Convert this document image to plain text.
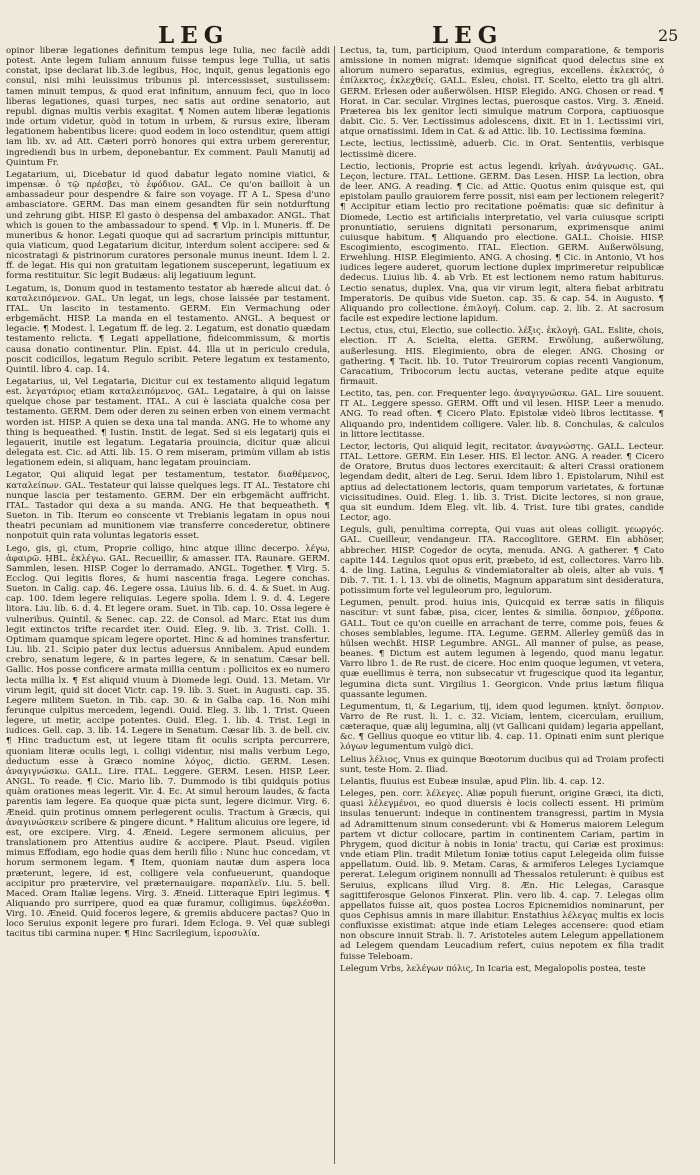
LEG	LEG	25

opinor liberæ legationes definitum tempus lege Iulia, nec facilè addi potest. Ante legem Iuliam annuum fuisse tempus lege Tullia, ut satis constat, ipse declarat lib.3.de legibus, Hoc, inquit, genus legationis ego consul, nisi mihi leuissimus tribunus pl. intercessisset, sustulissem: tamen minuit tempus, & quod erat infinitum, annuum feci, quo in loco liberas legationes, quasi turpes, nec satis aut ordine senatorio, aut republ. dignas multis verbis exagitat. ¶ Nomen autem liberæ legationis inde ortum videtur, quòd in totum in urbem, & rursus exire, liberam legationem habentibus licere: quod eodem in loco ostenditur, quem attigi iam lib. xv. ad Att. Cæteri porrò honores qui extra urbem gererentur, ingrediendi bus in urbem, deponebantur. Ex comment. Pauli Manutij ad Quintum Fr.

Legatarium, ui, Dicebatur id quod dabatur legato nomine viatici, & impensæ. ὁ τῷ πρέσβει, τὸ ἐφόδιον. GAL. Ce qu'on bailloit à un ambassadeur pour despendre & faire son voyage. IT A L. Spesa d'uno ambasciatore. GERM. Das man einem gesandten für sein notdurftung und zehrung gibt. HISP. El gasto ò despensa del ambaxador. ANGL. That which is gouen to the ambassadour to spend. ¶ Vlp. in l. Muneris. ff. De muneribus & honor. Legati quoque qui ad sacrarium principis mittuntur, quia viaticum, quod Legatarium dicitur, interdum solent accipere: sed & nicostratagi & pistrinorum curatores personale munus ineunt. Idem l. 2. ff. de legat. His qui non gratuitam legationem susceperunt, legatiuum ex forma restituitur. Sic legit Budæus: alij legatiuum legunt.

Legatum, is, Donum quod in testamento testator ab hærede alicui dat. ὁ καταλειπόμενον. GAL. Un legat, un legs, chose laissée par testament. ITAL. Un lascito in testamento. GERM. Ein Vermachung oder erbgemächt. HISP. La manda en el testamento. ANGL. A bequest or legacie. ¶ Modest. l. Legatum ff. de leg. 2. Legatum, est donatio quædam testamento relicta. ¶ Legati appellatione, fideicommissum, & mortis causa donatio continentur. Plin. Epist. 44. Illa ut in periculo credula, poscit codicillos, legatum Regulo scribit. Petere legatum ex testamento, Quintil. libro 4. cap. 14.

Legatarius, ui, Vel Legataria, Dicitur cui ex testamento aliquid legatum est. λεγατάριος etiam καταλειπόμενος. GAL. Legataire, à qui on laisse quelque chose par testament. ITAL. A cui è lasciata qualche cosa per testamento. GERM. Dem oder deren zu seinen erben von einem vermacht worden ist. HISP. A quien se dexa una tal manda. ANG. He to whome any thing is bequeathed. ¶ Iustin. Instit. de legat. Sed si eis legatarij quis ei legauerit, inutile est legatum. Legataria prouincia, dicitur quæ alicui delegata est. Cic. ad Atti. lib. 15. O rem miseram, primùm villam ab istis legationem edein, si aliquam, hanc legatam prouinciam.

Legator, Qui aliquid legat per testamentum, testator. διαθέμενος, καταλείπων. GAL. Testateur qui laisse quelques legs. IT AL. Testatore chi nunque lascia per testamento. GERM. Der ein erbgemächt auffricht. ITAL. Tastador qui dexa a su manda. ANG. He that bequeatheth. ¶ Sueton. in Tib. Iterum eo conscente vt Trebianis legatam in opus noui theatri pecuniam ad munitionem viæ transferre concederetur, obtinere nonpotuit quin rata voluntas legatoris esset.

Lego, gis, gi, ctum, Proprie colligo, hinc atque illinc decerpo. λέγω, ἀφαιρῶ. ḤBL. ἐκλέγω. GAL. Recueillir, & amasser. ITA. Raunare. GERM. Sammlen, lesen. HISP. Coger lo derramado. ANGL. Together. ¶ Virg. 5. Ecclog. Qui legitis flores, & humi nascentia fraga. Legere conchas. Sueton. in Calig. cap. 46. Legere ossa. Liuius lib. 6. d. 4. & Suet. in Aug. cap. 100. Idem legere reliquias. Legere spolia. Idem l. 9. d. 4. Legere litora. Liu. lib. 6. d. 4. Et legere oram. Suet. in Tib. cap. 10. Ossa legere è vulneribus. Quintil. & Senec. cap. 22. de Consol. ad Marc. Etat ius dum legit extinctos trifte recardet iter. Ouid. Eleg. 9. lib. 3. Trist. Colli. 1. Optimam quamque spicam legere oportet. Hinc & ad homines transfertur. Liu. lib. 21. Scipio pater dux lectus aduersus Annibalem. Apud eundem crebro, senatum legere, & in partes legere, & in senatum. Cæsar bell. Gallic. Hos posse conficere armata millia centum : pollicitos ex eo numero lecta millia lx. ¶ Est aliquid viuum à Diomede legi. Ouid. 13. Metam. Vir virum legit, quid sit docet Victr. cap. 19. lib. 3. Suet. in Augusti. cap. 35. Legere militem Sueton. in Tib. cap. 30. & in Galba cap. 16. Non mihi ferunque culpitus mercedem, legendi. Ouid. Eleg. 3. lib. 1. Trist. Queen legere, ut metir, accipe potentes. Ouid. Eleg. 1. lib. 4. Trist. Legi in iudices. Gell. cap. 3. lib. 14. Legere in Senatum. Cæsar lib. 3. de bell. civ. ¶ Hinc traductum est, ut legere titam fit oculis scripta percurrere, quoniam literæ oculis legi, i. colligi videntur, nisi malis verbum Lego, deductum esse à Græco nomine λόγος, dictio. GERM. Lesen. ἀναγιγνώσκω. GALL. Lire. ITAL. Leggere. GERM. Lesen. HISP. Leer. ANGL. To reade. ¶ Cic. Mario lib. 7. Dummodo is tibi quidquis potius quàm orationes meas legerit. Vir. 4. Ec. At simul heroum laudes, & facta parentis iam legere. Ea quoque quæ picta sunt, legere dicimur. Virg. 6. Æneid. quin protinus omnem perlegerent oculis. Tractum à Græcis, qui ἀναγινώσκειν scribere & pingere dicunt. * Halitum alicuius ore legere, id est, ore excipere. Virg. 4. Æneid. Legere sermonem alicuius, per translationem pro Attentius audire & accipere. Plaut. Pseud. vigilen mimus Effodiam, ego hodie quas dem herili filio : Nunc huc concedam, vt horum sermonem legam. ¶ Item, quoniam nautæ dum aspera loca præterunt, legere, id est, colligere vela confueuerunt, quandoque accipitur pro prætervire, vel præternauigare. παραπλεῖν. Liu. 5. bell. Maced. Oram Italiæ legens. Virg. 3. Æneid. Litteraque Epiri legimus. ¶ Aliquando pro surripere, quod ea quæ furamur, colligimus. ὑφελέσθαι. Virg. 10. Æneid. Quid foceros legere, & gremiis abducere pactas? Quo in loco Seruius exponit legere pro furari. Idem Ecloga. 9. Vel quæ sublegi tacitus tibi carmina nuper. ¶ Hinc Sacrilegium, ἱεροσυλία.

Lectus, ta, tum, participium, Quod interdum comparatione, & temporis amissione in nomen migrat: idemque significat quod delectus sine ex aliorum numero separatus, eximius, egregius, excellens. ἐκλεκτός, ὁ ἐπίλεκτος, ἐκλεχθείς. GALL. Esleu, choisi. IT. Scelto, eletto tra gli altri. GERM. Erlesen oder außerwölsen. HISP. Elegido. ANG. Chosen or read. ¶ Horat. in Car. secular. Virgines lectas, puerosque castos. Virg. 3. Æneid. Præterea bis lex genitor lecti simulque matrum Corpora, captiuosque dabit. Cic. 5. Ver. Lectissimus adolescens, dixit. Et in 1. Lectissimi viri, atque ornatissimi. Idem in Cat. & ad Attic. lib. 10. Lectissima fœmina.

Lecte, lectius, lectissimè, aduerb. Cic. in Orat. Sententiis, verbisque lectissimè dicere.

Lectio, lectionis, Proprie est actus legendi. ḳrîyah. ἀνάγνωσις. GAL. Leçon, lecture. ITAL. Lettione. GERM. Das Lesen. HISP. La lection, obra de leer. ANG. A reading. ¶ Cic. ad Attic. Quotus enim quisque est, qui epistolam paullo grauiorem ferre possit, nisi eam per lectionem relegerit? ¶ Accipitur etiam lectio pro recitatione poëmatis: quæ sic definitur à Diomede, Lectio est artificialis interpretatio, vel varia cuiusque scripti pronuntiatio, seruiens dignitati personarum, exprimensque animi cuiusque habitum. ¶ Aliquando pro electione. GALL. Choisie. HISP. Escogimiento, escogimento. ITAL. Election. GERM. Außerwölsung, Erwehlung. HISP. Elegimiento. ANG. A chosing. ¶ Cic. in Antonio, Vt hos iudices legere auderet, quorum lectione duplex imprimeretur reipublicæ dedecus. Liuius lib. 4. ab Vrb. Et est lectionem nemo ratum habiturus. Lectio senatus, duplex. Vna, qua vir virum legit, altera fiebat arbitratu Imperatoris. De quibus vide Sueton. cap. 35. & cap. 54. in Augusto. ¶ Aliquando pro collectione. ἐπιλογή. Colum. cap. 2. lib. 2. At sacrosum facile est expedire lectione lapidum.

Lectus, ctus, ctui, Electio, sue collectio. λέξις. ἐκλογή. GAL. Eslite, chois, election. IT A. Scielta, eletta. GERM. Erwölung, außerwölung, außerlesung. HIS. Elegimiento, obra de eleger. ANG. Chosing or gathering. ¶ Tacit. lib. 10. Tutor Treuirorum copias recenti Vangionum, Caracatium, Tribocorum lectu auctas, veterane pedite atque equite firmauit.

Lectito, tas, pen. cor. Frequenter lego. ἀναγιγνώσκω. GAL. Lire souuent. IT AL. Leggere spesso. GERM. Offt und vil lesen. HISP. Leer a menudo. ANG. To read often. ¶ Cicero Plato. Epistolæ videò libros lectitasse. ¶ Aliquando pro, indentidem colligere. Valer. lib. 8. Conchulas, & calculos in littore lectitasse.

Lector, lectoris, Qui aliquid legit, recitator. ἀναγνώστης. GALL. Lecteur. ITAL. Lettore. GERM. Ein Leser. HIS. El lector. ANG. A reader. ¶ Cicero de Oratore, Brutus duos lectores exercitauit: & alteri Crassi orationem legendam dedit, alteri de Leg. Serui. Idem libro 1. Epistolarum, Nihil est aptius ad delectationem lectoris, quam temporum varietates, & fortunæ vicissitudines. Ouid. Eleg. 1. lib. 3. Trist. Dicite lectores, si non graue, qua sit eundum. Idem Eleg. vlt. lib. 4. Trist. Iure tibi grates, candide Lector, ago.

Leguls, guli, penultima correpta, Qui vuas aut oleas colligit. γεωργός. GAL. Cueilleur, vendangeur. ITA. Raccoglitore. GERM. Ein abhöser, abbrecher. HISP. Cogedor de ocyta, menuda. ANG. A gatherer. ¶ Cato capite 144. Legulos quot opus erit, præbeto, id est, collectores. Varro lib. 4. de ling. Latina, Legulus & vindemiatoralter ab oleis, alter ab vuis. ¶ Dib. 7. Tit. 1. l. 13. vbi de olinetis, Magnum apparatum sint desideratura, potissimum forte vel leguleorum pro, legulorum.

Legumen, penult. prod. huius inis, Quicquid ex terræ satis in filiquis nascitur: vt sunt fabæ, pisa, cicer, lentes & similia. ὄσπριον, χέδροπα. GALL. Tout ce qu'on cueille en arrachant de terre, comme pois, feues & choses semblables, legume. ITA. Legume. GERM. Allerley gemüß das in hülsen wechßt. HISP. Legumbre. ANGL. All manner of pulse, as pease, beanes. ¶ Dictum est autem legumen à legendo, quod manu legatur. Varro libro 1. de Re rust. de cicere. Hoc enim quoque legumen, vt vetera, quæ euellimus è terra, non subsecatur vt frugescique quod ita legantur, legumina dicta sunt. Virgilius 1. Georgicon. Vnde prius lætum filiqua quassante legumen.

Legumentum, ti, & Legarium, tij, idem quod legumen. ḳṭnîyt. ὄσπριον. Varro de Re rust. li. 1. c. 32. Viciam, lentem, cicerculam, eruilium, cæteraque, quæ alij legumina, alij (vt Gallicani quidam) legaria appellant, &c. ¶ Gellius quoque eo vtitur lib. 4. cap. 11. Opinati enim sunt plerique λόγων legumentum vulgò dici.

Lelius λέλιος, Vnus ex quinque Bœotorum ducibus qui ad Troiam profecti sunt, teste Hom. 2. Iliad.

Lelantis, fluuius est Eubeæ insulæ, apud Plin. lib. 4. cap. 12.

Leleges, pen. corr. λέλεγες. Aliæ populi fuerunt, origine Græci, ita dicti, quasi λέλεγμένοι, eo quod diuersis è locis collecti essent. Hi primùm insulas tenuerunt: indeque in continentem transgressi, partim in Mysia ad Adramittenum sinum consederunt: vbi & Homerus maiorem Lelegum partem vt dictur collocare, partim in continentem Cariam, partim in Phrygem, quod dicitur à nobis in Ionia' tractu, qui Cariæ est proximus: vnde etiam Plin. tradit Miletum Ioniæ totius caput Lelegeida olim fuisse appellatum. Ouid. lib. 9. Metam. Caras, & armiferos Leleges Lyciamque pererat. Lelegum originem nonnulli ad Thessalos retulerunt: è quibus est Seruius, explicans illud Virg. 8. Æn. Hic Lelegas, Carasque sagittiferosque Gelonos Finxerat. Plin. vero lib. 4. cap. 7. Lelegas olim appellatos fuisse ait, quos postea Locros Epicnemidios nominarunt, per quos Cephisus amnis in mare illabitur. Enstathius λέλεγας multis ex locis confluxisse existimat: atque inde etiam Leleges accensere: quod etiam non obscure innuit Strab. li. 7. Aristoteles autem Lelegum appellationem ad Lelegem quendam Leucadium refert, cuius nepotem ex filia tradit fuisse Teleboam.

Lelegum Vrbs, λελέγων πόλις, In Icaria est, Megalopolis postea, teste
